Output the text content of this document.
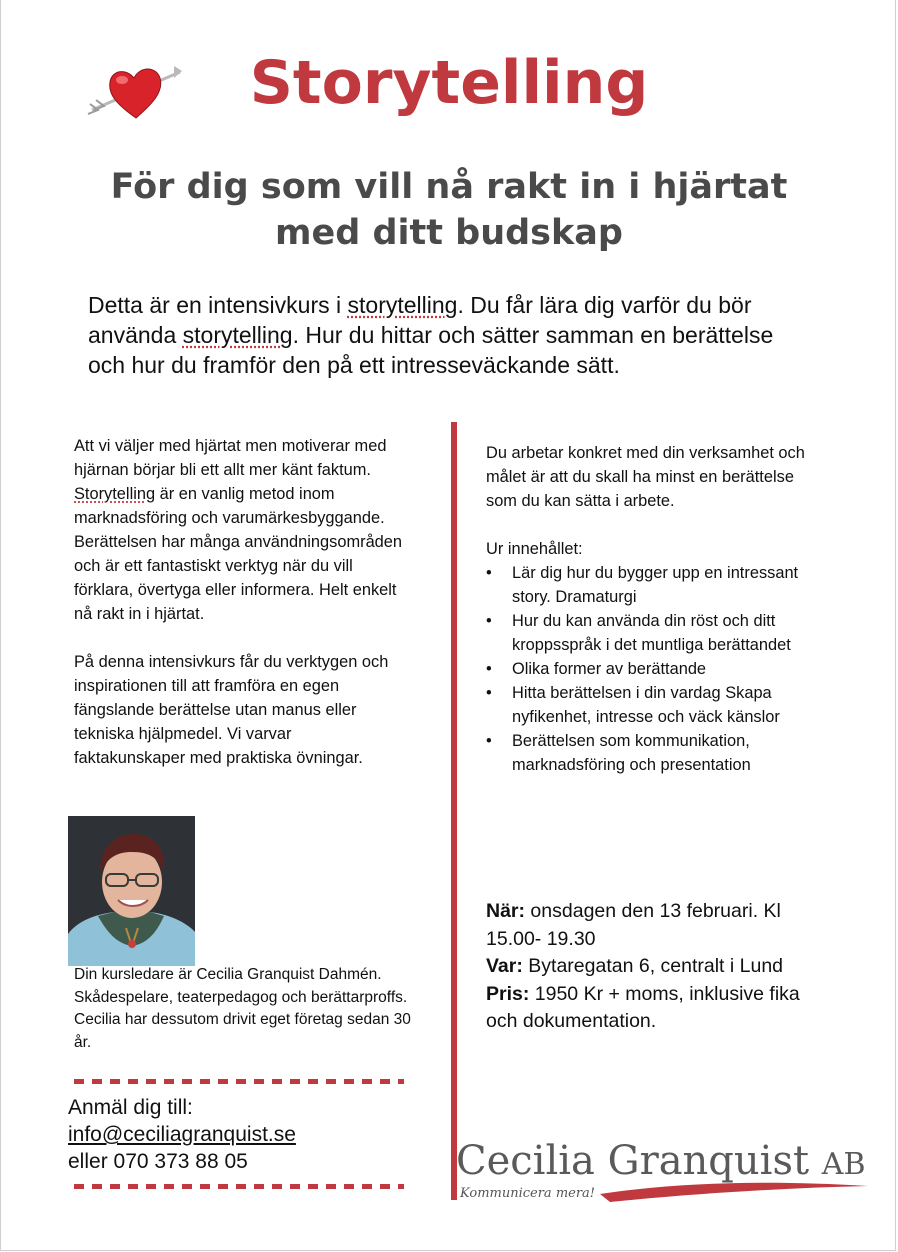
Storytelling
För dig som vill nå rakt in i hjärtat
med ditt budskap
Detta är en intensivkurs i storytelling. Du får lära dig varför du bör använda storytelling. Hur du hittar och sätter samman en berättelse och hur du framför den på ett intresseväckande sätt.

Att vi väljer med hjärtat men motiverar med hjärnan börjar bli ett allt mer känt faktum. Storytelling är en vanlig metod inom marknadsföring och varumärkesbyggande. Berättelsen har många användningsområden och är ett fantastiskt verktyg när du vill förklara, övertyga eller informera. Helt enkelt nå rakt in i hjärtat.

På denna intensivkurs får du verktygen och inspirationen till att framföra en egen fängslande berättelse utan manus eller tekniska hjälpmedel. Vi varvar faktakunskaper med praktiska övningar.

Du arbetar konkret med din verksamhet och målet är att du skall ha minst en berättelse som du kan sätta i arbete.

Ur innehållet:

• Lär dig hur du bygger upp en intressant story. Dramaturgi
• Hur du kan använda din röst och ditt kroppsspråk i det muntliga berättandet
• Olika former av berättande
• Hitta berättelsen i din vardag Skapa nyfikenhet, intresse och väck känslor
• Berättelsen som kommunikation, marknadsföring och presentation
När: onsdagen den 13 februari. Kl 15.00- 19.30
Var: Bytaregatan 6, centralt i Lund
Pris: 1950 Kr + moms, inklusive fika och dokumentation.
Din kursledare är Cecilia Granquist Dahmén. Skådespelare, teaterpedagog och berättarproffs. Cecilia har dessutom drivit eget företag sedan 30 år.
Anmäl dig till:
info@ceciliagranquist.se
eller 070 373 88 05	Cecilia Granquist AB
Kommunicera mera!
